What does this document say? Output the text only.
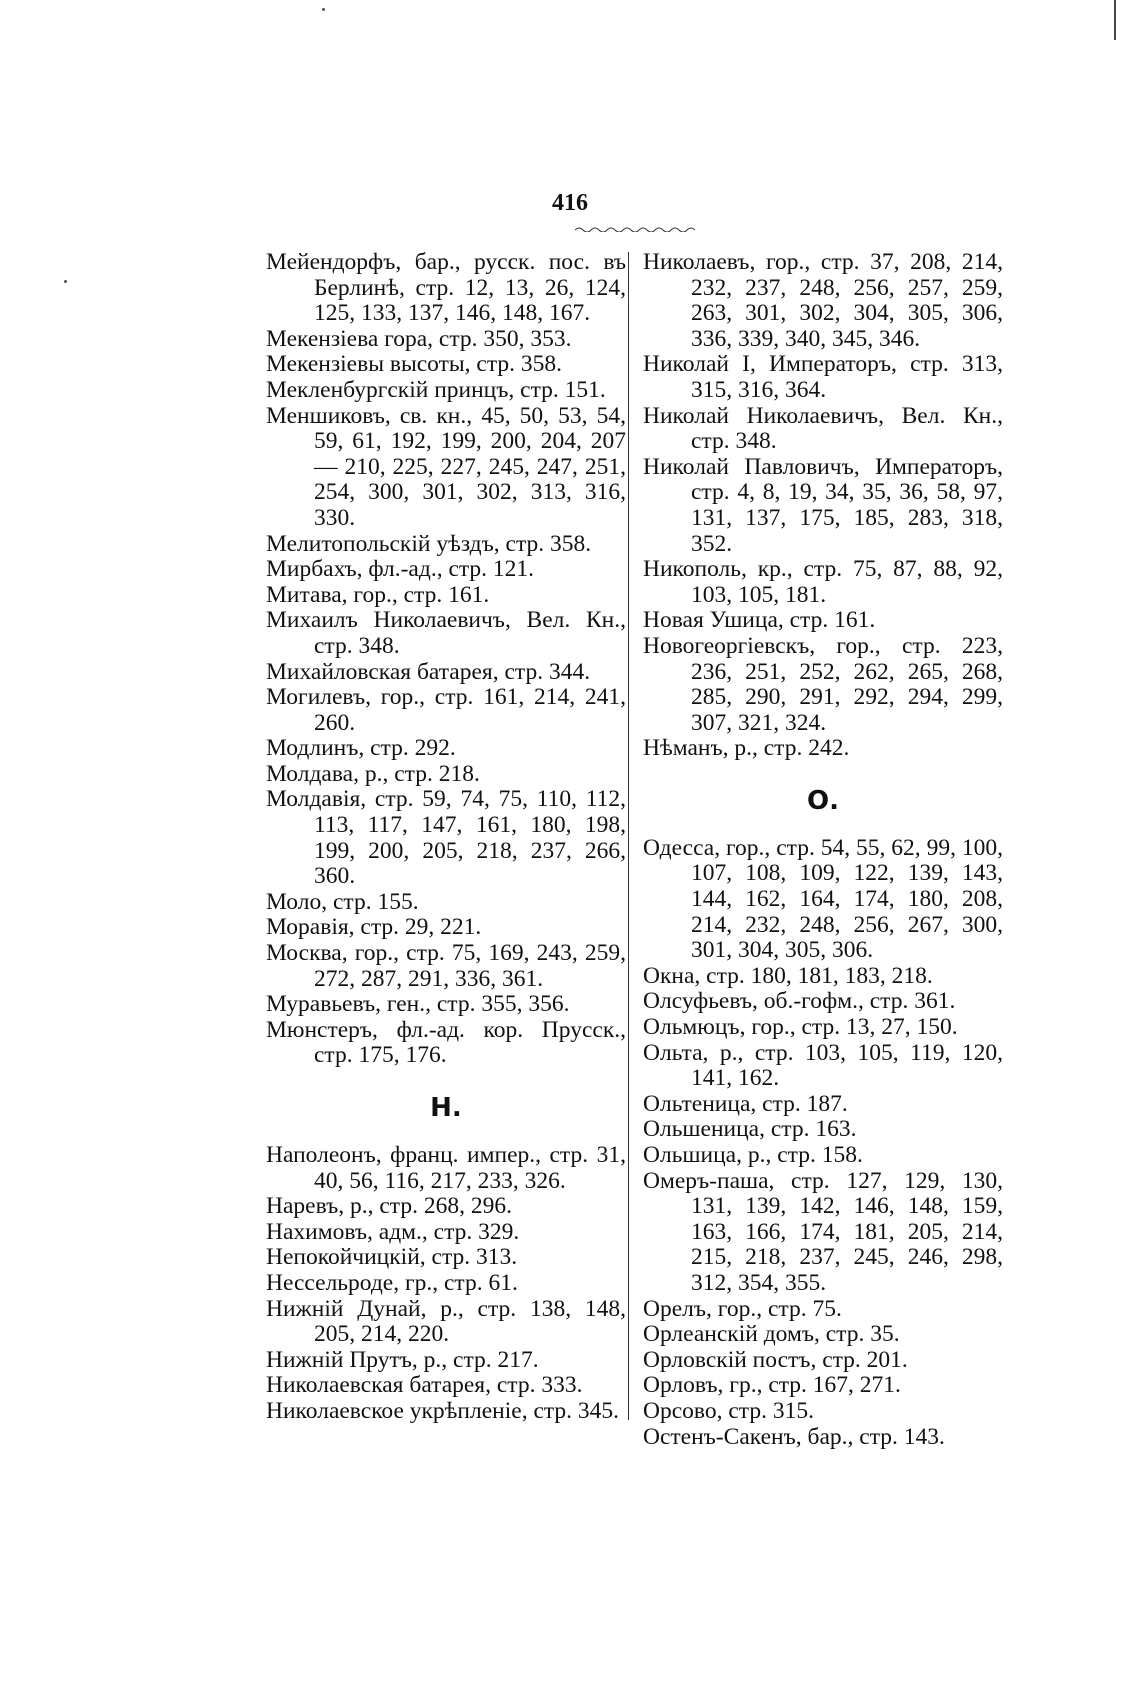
416
Мейендорфъ, бар., русск. пос. въ Берлинѣ, стр. 12, 13, 26, 124, 125, 133, 137, 146, 148, 167.
Мекензіева гора, стр. 350, 353.
Мекензіевы высоты, стр. 358.
Мекленбургскій принцъ, стр. 151.
Меншиковъ, св. кн., 45, 50, 53, 54, 59, 61, 192, 199, 200, 204, 207 — 210, 225, 227, 245, 247, 251, 254, 300, 301, 302, 313, 316, 330.
Мелитопольскій уѣздъ, стр. 358.
Мирбахъ, фл.-ад., стр. 121.
Митава, гор., стр. 161.
Михаилъ Николаевичъ, Вел. Кн., стр. 348.
Михайловская батарея, стр. 344.
Могилевъ, гор., стр. 161, 214, 241, 260.
Модлинъ, стр. 292.
Молдава, р., стр. 218.
Молдавія, стр. 59, 74, 75, 110, 112, 113, 117, 147, 161, 180, 198, 199, 200, 205, 218, 237, 266, 360.
Моло, стр. 155.
Моравія, стр. 29, 221.
Москва, гор., стр. 75, 169, 243, 259, 272, 287, 291, 336, 361.
Муравьевъ, ген., стр. 355, 356.
Мюнстеръ, фл.-ад. кор. Прусск., стр. 175, 176.
Н.
Наполеонъ, франц. импер., стр. 31, 40, 56, 116, 217, 233, 326.
Наревъ, р., стр. 268, 296.
Нахимовъ, адм., стр. 329.
Непокойчицкій, стр. 313.
Нессельроде, гр., стр. 61.
Нижній Дунай, р., стр. 138, 148, 205, 214, 220.
Нижній Прутъ, р., стр. 217.
Николаевская батарея, стр. 333.
Николаевское укрѣпленіе, стр. 345.
Николаевъ, гор., стр. 37, 208, 214, 232, 237, 248, 256, 257, 259, 263, 301, 302, 304, 305, 306, 336, 339, 340, 345, 346.
Николай I, Императоръ, стр. 313, 315, 316, 364.
Николай Николаевичъ, Вел. Кн., стр. 348.
Николай Павловичъ, Императоръ, стр. 4, 8, 19, 34, 35, 36, 58, 97, 131, 137, 175, 185, 283, 318, 352.
Никополь, кр., стр. 75, 87, 88, 92, 103, 105, 181.
Новая Ушица, стр. 161.
Новогеоргіевскъ, гор., стр. 223, 236, 251, 252, 262, 265, 268, 285, 290, 291, 292, 294, 299, 307, 321, 324.
Нѣманъ, р., стр. 242.
О.
Одесса, гор., стр. 54, 55, 62, 99, 100, 107, 108, 109, 122, 139, 143, 144, 162, 164, 174, 180, 208, 214, 232, 248, 256, 267, 300, 301, 304, 305, 306.
Окна, стр. 180, 181, 183, 218.
Олсуфьевъ, об.-гофм., стр. 361.
Ольмюцъ, гор., стр. 13, 27, 150.
Ольта, р., стр. 103, 105, 119, 120, 141, 162.
Ольтеница, стр. 187.
Ольшеница, стр. 163.
Ольшица, р., стр. 158.
Омеръ-паша, стр. 127, 129, 130, 131, 139, 142, 146, 148, 159, 163, 166, 174, 181, 205, 214, 215, 218, 237, 245, 246, 298, 312, 354, 355.
Орелъ, гор., стр. 75.
Орлеанскій домъ, стр. 35.
Орловскій постъ, стр. 201.
Орловъ, гр., стр. 167, 271.
Орсово, стр. 315.
Остенъ-Сакенъ, бар., стр. 143.
